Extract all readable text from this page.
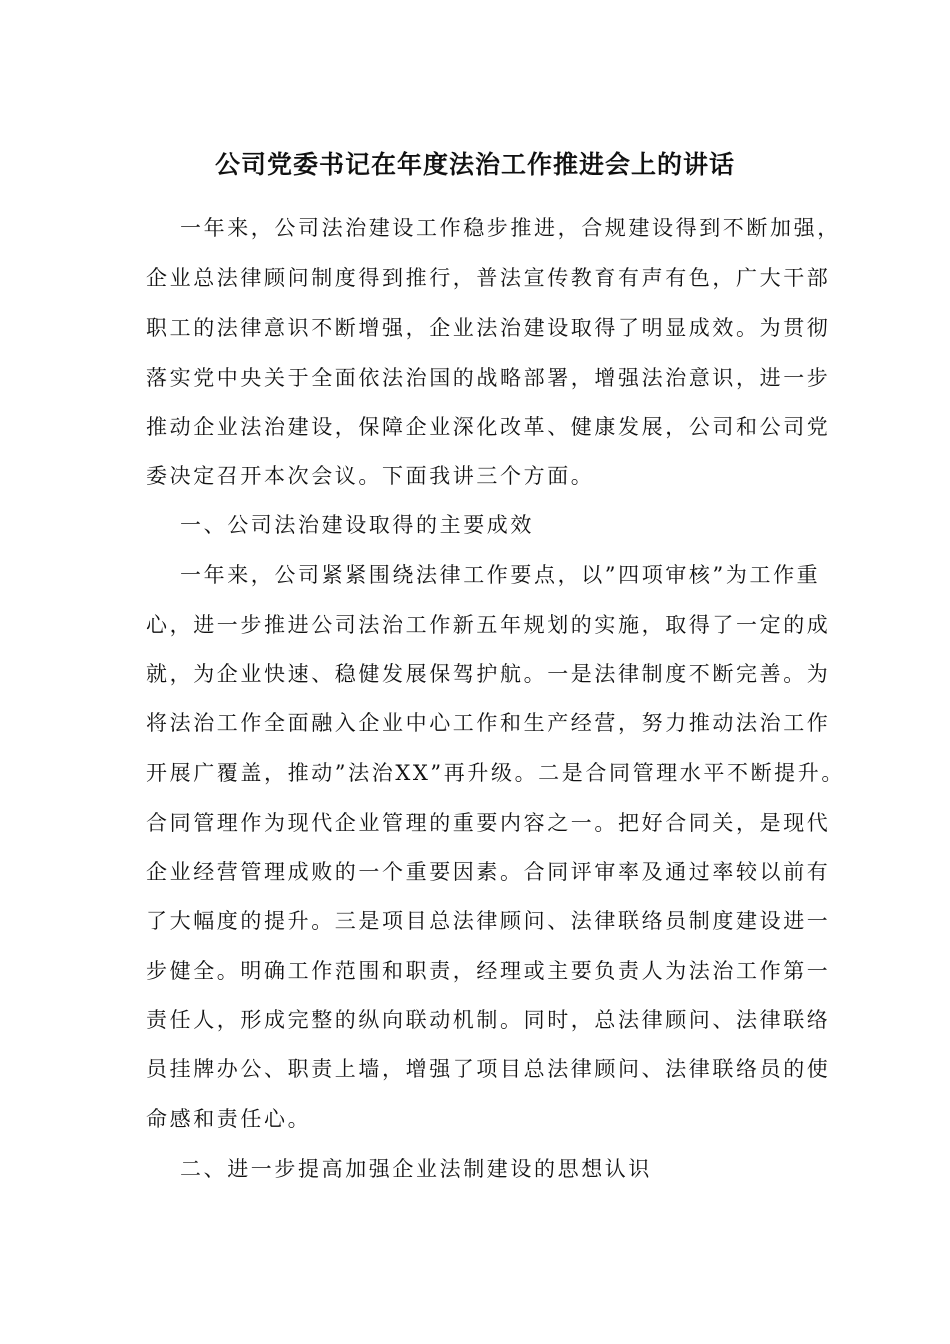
公司党委书记在年度法治工作推进会上的讲话
一年来，公司法治建设工作稳步推进，合规建设得到不断加强，
企业总法律顾问制度得到推行，普法宣传教育有声有色，广大干部
职工的法律意识不断增强，企业法治建设取得了明显成效。为贯彻
落实党中央关于全面依法治国的战略部署，增强法治意识，进一步
推动企业法治建设，保障企业深化改革、健康发展，公司和公司党
委决定召开本次会议。下面我讲三个方面。
一、公司法治建设取得的主要成效
一年来，公司紧紧围绕法律工作要点，以”四项审核”为工作重
心，进一步推进公司法治工作新五年规划的实施，取得了一定的成
就，为企业快速、稳健发展保驾护航。一是法律制度不断完善。为
将法治工作全面融入企业中心工作和生产经营，努力推动法治工作
开展广覆盖，推动”法治XX”再升级。二是合同管理水平不断提升。
合同管理作为现代企业管理的重要内容之一。把好合同关，是现代
企业经营管理成败的一个重要因素。合同评审率及通过率较以前有
了大幅度的提升。三是项目总法律顾问、法律联络员制度建设进一
步健全。明确工作范围和职责，经理或主要负责人为法治工作第一
责任人，形成完整的纵向联动机制。同时，总法律顾问、法律联络
员挂牌办公、职责上墙，增强了项目总法律顾问、法律联络员的使
命感和责任心。
二、进一步提高加强企业法制建设的思想认识
